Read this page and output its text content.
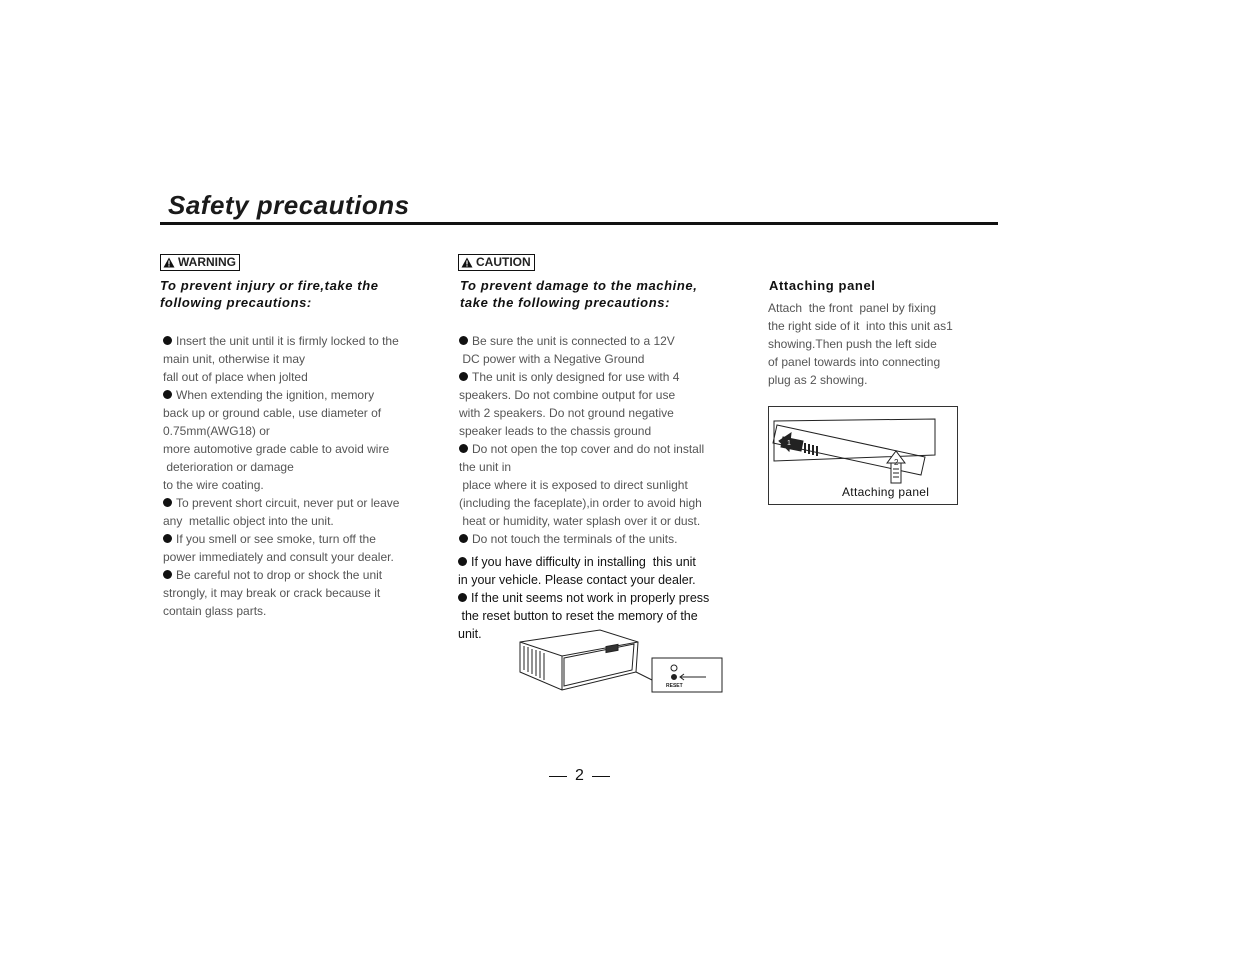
Safety precautions
WARNING
To prevent injury or fire,take the
following precautions:

Insert the unit until it is firmly locked to the

main unit, otherwise it may

fall out of place when jolted

When extending the ignition, memory

back up or ground cable, use diameter of

0.75mm(AWG18) or

more automotive grade cable to avoid wire

deterioration or damage

to the wire coating.

To prevent short circuit, never put or leave

any  metallic object into the unit.

If you smell or see smoke, turn off the

power immediately and consult your dealer.

Be careful not to drop or shock the unit

strongly, it may break or crack because it

contain glass parts.

CAUTION
To prevent damage to the machine,
take the following precautions:

Be sure the unit is connected to a 12V

DC power with a Negative Ground

The unit is only designed for use with 4

speakers. Do not combine output for use

with 2 speakers. Do not ground negative

speaker leads to the chassis ground

Do not open the top cover and do not install

the unit in

place where it is exposed to direct sunlight

(including the faceplate),in order to avoid high

heat or humidity, water splash over it or dust.

Do not touch the terminals of the units.

If you have difficulty in installing  this unit

in your vehicle. Please contact your dealer.

If the unit seems not work in properly press

the reset button to reset the memory of the

unit.

RESET
Attaching panel

Attach  the front  panel by fixing

the right side of it  into this unit as1

showing.Then push the left side

of panel towards into connecting

plug as 2 showing.

1
2
Attaching panel
2
